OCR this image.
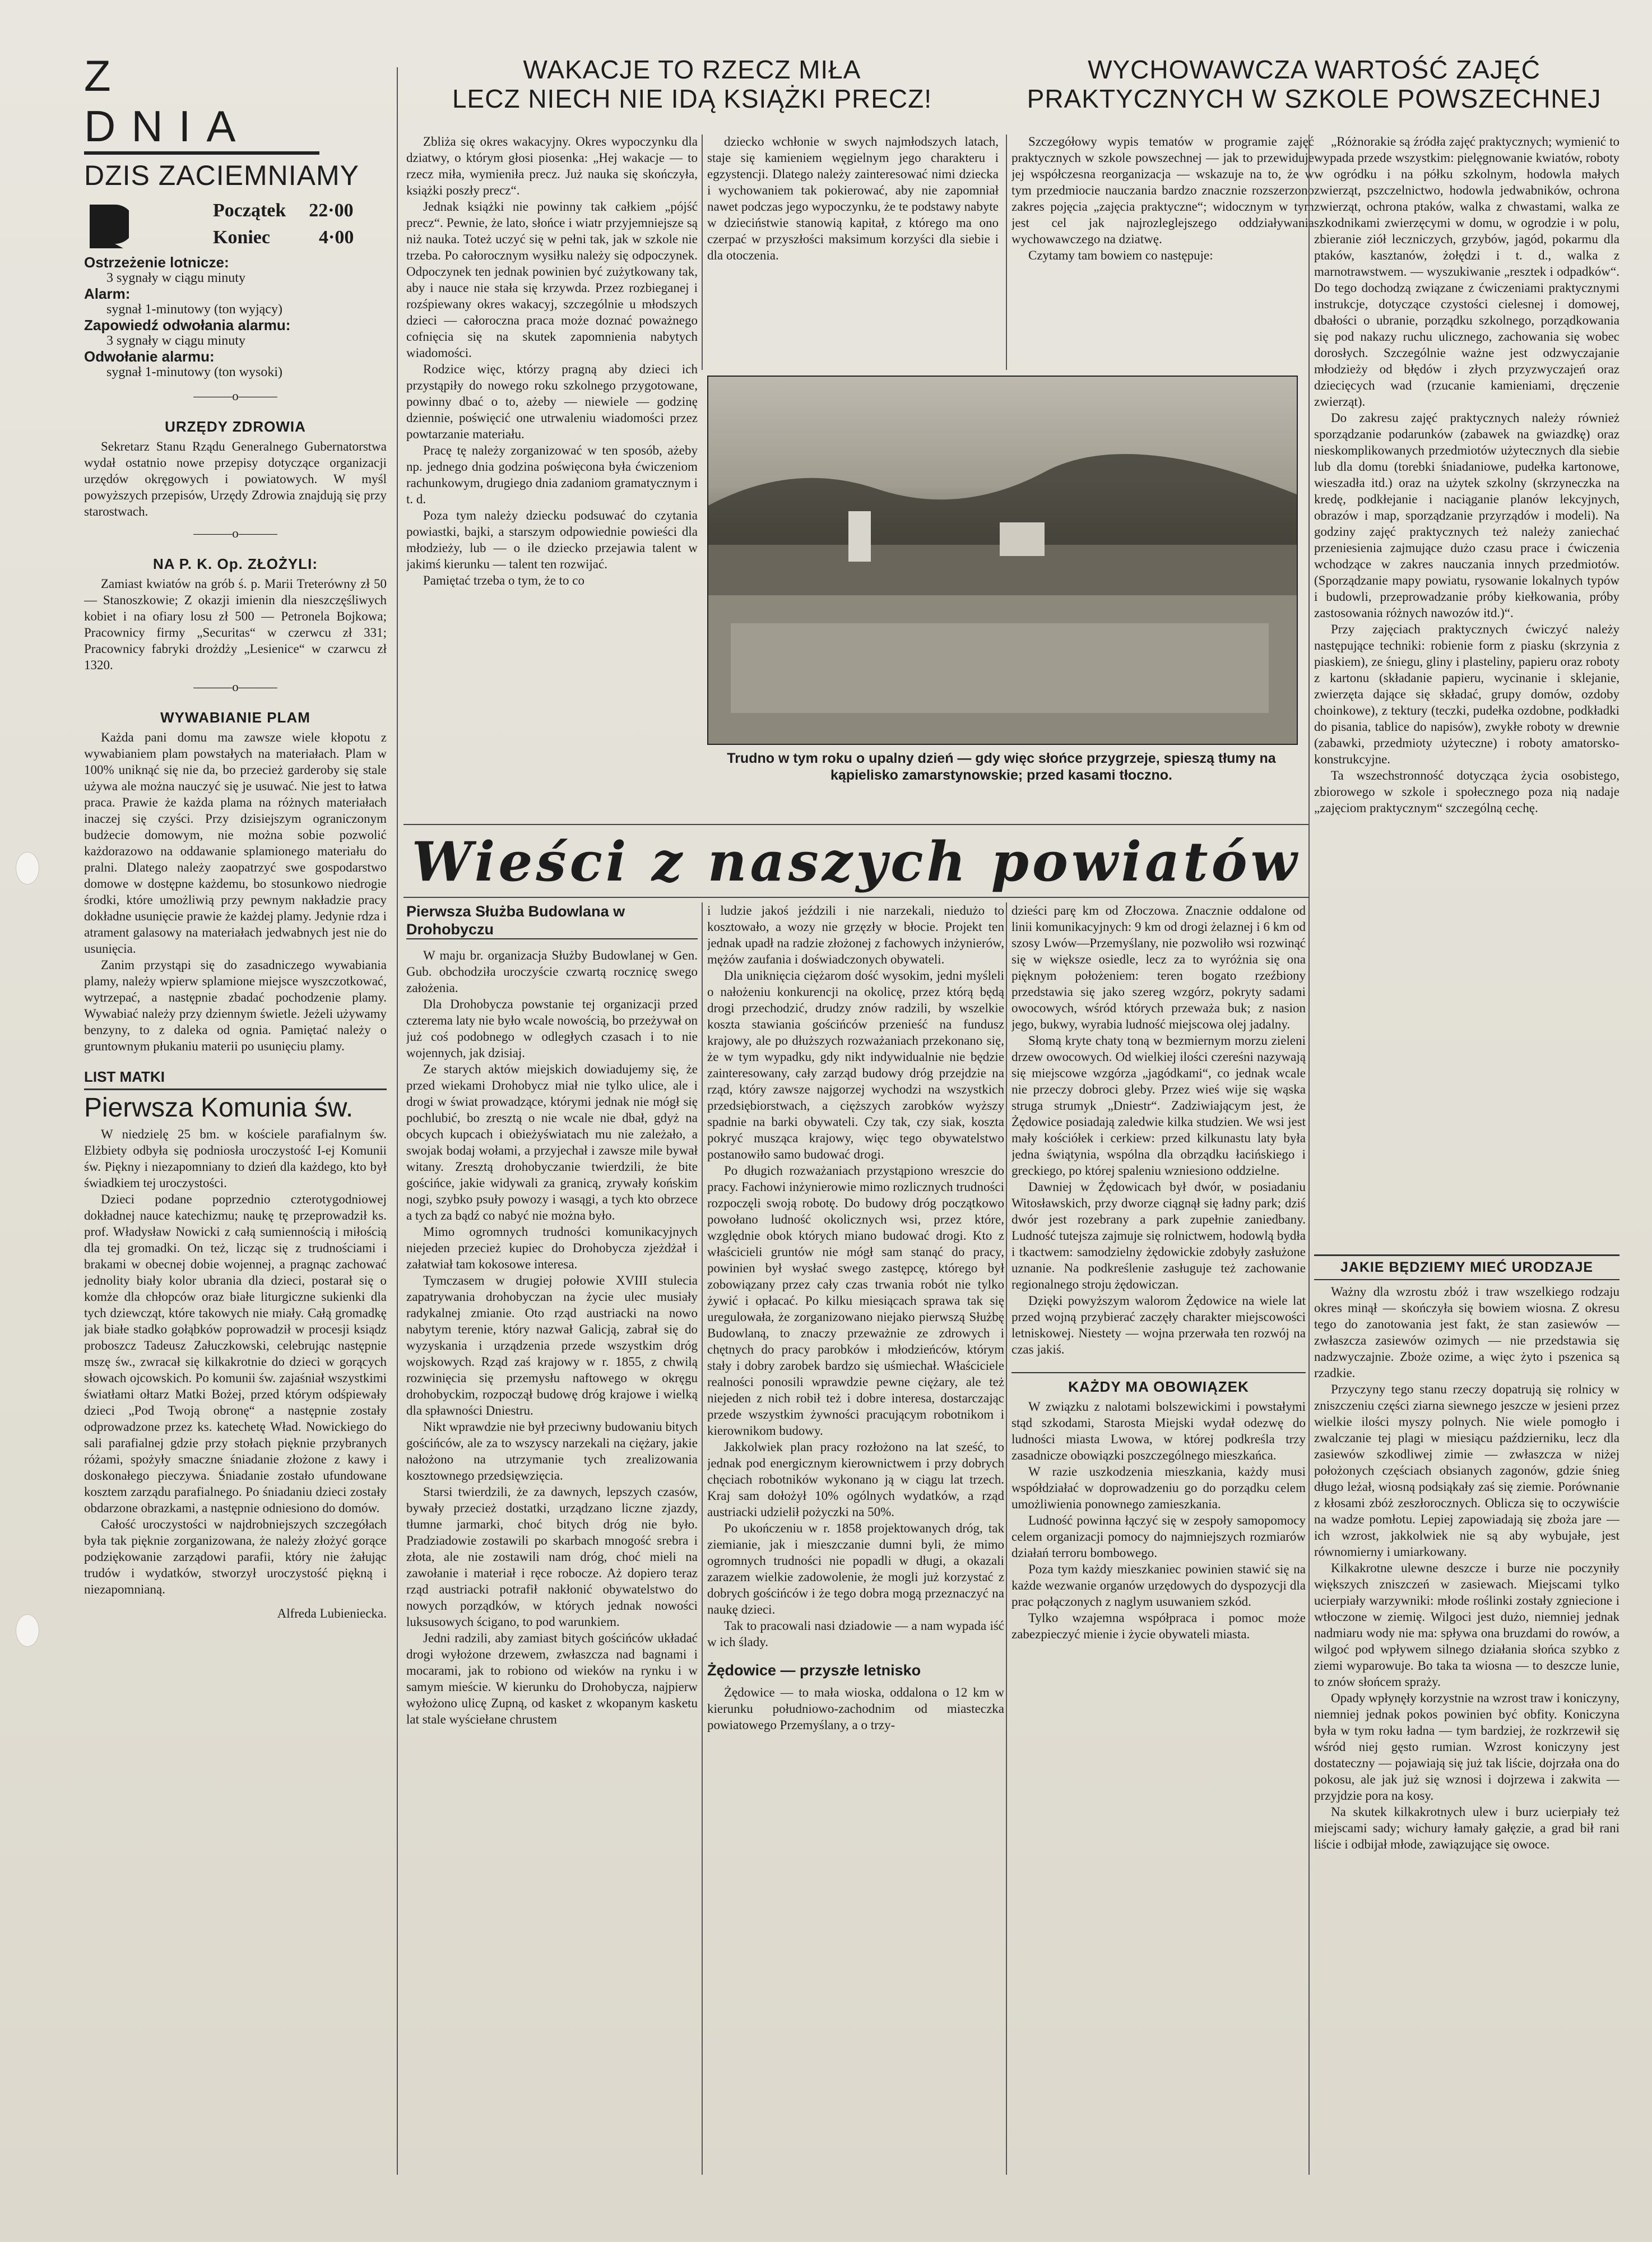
Z DNIA
DZIS ZACIEMNIAMY
Początek 22·00
Koniec	4·00
Ostrzeżenie lotnicze:
3 sygnały w ciągu minuty
Alarm:
sygnał 1-minutowy (ton wyjący)
Zapowiedź odwołania alarmu:
3 sygnały w ciągu minuty
Odwołanie alarmu:
sygnał 1-minutowy (ton wysoki)
———o———
URZĘDY ZDROWIA

Sekretarz Stanu Rządu Generalnego Gubernatorstwa wydał ostatnio nowe przepisy dotyczące organizacji urzędów okręgowych i powiatowych. W myśl powyższych przepisów, Urzędy Zdrowia znajdują się przy starostwach.

———o———
NA P. K. Op. ZŁOŻYLI:

Zamiast kwiatów na grób ś. p. Marii Treterówny zł 50 — Stanoszkowie; Z okazji imienin dla nieszczęśliwych kobiet i na ofiary losu zł 500 — Petronela Bojkowa; Pracownicy firmy „Securitas“ w czerwcu zł 331; Pracownicy fabryki drożdży „Lesienice“ w czarwcu zł 1320.

———o———
WYWABIANIE PLAM

Każda pani domu ma zawsze wiele kłopotu z wywabianiem plam powstałych na materiałach. Plam w 100% uniknąć się nie da, bo przecież garderoby się stale używa ale można nauczyć się je usuwać. Nie jest to łatwa praca. Prawie że każda plama na różnych materiałach inaczej się czyści. Przy dzisiejszym ograniczonym budżecie domowym, nie można sobie pozwolić każdorazowo na oddawanie splamionego materiału do pralni. Dlatego należy zaopatrzyć swe gospodarstwo domowe w dostępne każdemu, bo stosunkowo niedrogie środki, które umożliwią przy pewnym nakładzie pracy dokładne usunięcie prawie że każdej plamy. Jedynie rdza i atrament galasowy na materiałach jedwabnych jest nie do usunięcia.

Zanim przystąpi się do zasadniczego wywabiania plamy, należy wpierw splamione miejsce wyszczotkować, wytrzepać, a następnie zbadać pochodzenie plamy. Wywabiać należy przy dziennym świetle. Jeżeli używamy benzyny, to z daleka od ognia. Pamiętać należy o gruntownym płukaniu materii po usunięciu plamy.

LIST MATKI
Pierwsza Komunia św.

W niedzielę 25 bm. w kościele parafialnym św. Elżbiety odbyła się podniosła uroczystość I-ej Komunii św. Piękny i niezapomniany to dzień dla każdego, kto był świadkiem tej uroczystości.

Dzieci podane poprzednio czterotygodniowej dokładnej nauce katechizmu; naukę tę przeprowadził ks. prof. Władysław Nowicki z całą sumiennością i miłością dla tej gromadki. On też, licząc się z trudnościami i brakami w obecnej dobie wojennej, a pragnąc zachować jednolity biały kolor ubrania dla dzieci, postarał się o komże dla chłopców oraz białe liturgiczne sukienki dla tych dziewcząt, które takowych nie miały. Całą gromadkę jak białe stadko gołąbków poprowadził w procesji ksiądz proboszcz Tadeusz Załuczkowski, celebrując następnie mszę św., zwracał się kilkakrotnie do dzieci w gorących słowach ojcowskich. Po komunii św. zajaśniał wszystkimi światłami ołtarz Matki Bożej, przed którym odśpiewały dzieci „Pod Twoją obronę“ a następnie zostały odprowadzone przez ks. katechetę Wład. Nowickiego do sali parafialnej gdzie przy stołach pięknie przybranych różami, spożyły smaczne śniadanie złożone z kawy i doskonałego pieczywa. Śniadanie zostało ufundowane kosztem zarządu parafialnego. Po śniadaniu dzieci zostały obdarzone obrazkami, a następnie odniesiono do domów.

Całość uroczystości w najdrobniejszych szczegółach była tak pięknie zorganizowana, że należy złożyć gorące podziękowanie zarządowi parafii, który nie żałując trudów i wydatków, stworzył uroczystość piękną i niezapomnianą.

Alfreda Lubieniecka.
WAKACJE TO RZECZ MIŁA
LECZ NIECH NIE IDĄ KSIĄŻKI PRECZ!
WYCHOWAWCZA WARTOŚĆ ZAJĘĆ
PRAKTYCZNYCH W SZKOLE POWSZECHNEJ

Zbliża się okres wakacyjny. Okres wypoczynku dla dziatwy, o którym głosi piosenka: „Hej wakacje — to rzecz miła, wymieniła precz. Już nauka się skończyła, książki poszły precz“.

Jednak książki nie powinny tak całkiem „pójść precz“. Pewnie, że lato, słońce i wiatr przyjemniejsze są niż nauka. Toteż uczyć się w pełni tak, jak w szkole nie trzeba. Po całorocznym wysiłku należy się odpoczynek. Odpoczynek ten jednak powinien być zużytkowany tak, aby i nauce nie stała się krzywda. Przez rozbieganej i rozśpiewany okres wakacyj, szczególnie u młodszych dzieci — całoroczna praca może doznać poważnego cofnięcia się na skutek zapomnienia nabytych wiadomości.

Rodzice więc, którzy pragną aby dzieci ich przystąpiły do nowego roku szkolnego przygotowane, powinny dbać o to, ażeby — niewiele — godzinę dziennie, poświęcić one utrwaleniu wiadomości przez powtarzanie materiału.

Pracę tę należy zorganizować w ten sposób, ażeby np. jednego dnia godzina poświęcona była ćwiczeniom rachunkowym, drugiego dnia zadaniom gramatycznym i t. d.

Poza tym należy dziecku podsuwać do czytania powiastki, bajki, a starszym odpowiednie powieści dla młodzieży, lub — o ile dziecko przejawia talent w jakimś kierunku — talent ten rozwijać.

Pamiętać trzeba o tym, że to co

dziecko wchłonie w swych najmłodszych latach, staje się kamieniem węgielnym jego charakteru i egzystencji. Dlatego należy zainteresować nimi dziecka i wychowaniem tak pokierować, aby nie zapomniał nawet podczas jego wypoczynku, że te podstawy nabyte w dzieciństwie stanowią kapitał, z którego ma ono czerpać w przyszłości maksimum korzyści dla siebie i dla otoczenia.

Szczegółowy wypis tematów w programie zajęć praktycznych w szkole powszechnej — jak to przewiduje jej współczesna reorganizacja — wskazuje na to, że w tym przedmiocie nauczania bardzo znacznie rozszerzono zakres pojęcia „zajęcia praktyczne“; widocznym w tym jest cel jak najrozleglejszego oddziaływania wychowawczego na dziatwę.

Czytamy tam bowiem co następuje:

Trudno w tym roku o upalny dzień — gdy więc słońce przygrzeje, spieszą tłumy na kąpielisko zamarstynowskie; przed kasami tłoczno.

„Różnorakie są źródła zajęć praktycznych; wymienić to wypada przede wszystkim: pielęgnowanie kwiatów, roboty w ogródku i na półku szkolnym, hodowla małych zwierząt, pszczelnictwo, hodowla jedwabników, ochrona zwierząt, ochrona ptaków, walka z chwastami, walka ze szkodnikami zwierzęcymi w domu, w ogrodzie i w polu, zbieranie ziół leczniczych, grzybów, jagód, pokarmu dla ptaków, kasztanów, żołędzi i t. d., walka z marnotrawstwem. — wyszukiwanie „resztek i odpadków“. Do tego dochodzą związane z ćwiczeniami praktycznymi instrukcje, dotyczące czystości cielesnej i domowej, dbałości o ubranie, porządku szkolnego, porządkowania się pod nakazy ruchu ulicznego, zachowania się wobec dorosłych. Szczególnie ważne jest odzwyczajanie młodzieży od błędów i złych przyzwyczajeń oraz dziecięcych wad (rzucanie kamieniami, dręczenie zwierząt).

Do zakresu zajęć praktycznych należy również sporządzanie podarunków (zabawek na gwiazdkę) oraz nieskomplikowanych przedmiotów użytecznych dla siebie lub dla domu (torebki śniadaniowe, pudełka kartonowe, wieszadła itd.) oraz na użytek szkolny (skrzyneczka na kredę, podkłejanie i naciąganie planów lekcyjnych, obrazów i map, sporządzanie przyrządów i modeli). Na godziny zajęć praktycznych też należy zaniechać przeniesienia zajmujące dużo czasu prace i ćwiczenia wchodzące w zakres nauczania innych przedmiotów. (Sporządzanie mapy powiatu, rysowanie lokalnych typów i budowli, przeprowadzanie próby kiełkowania, próby zastosowania różnych nawozów itd.)“.

Przy zajęciach praktycznych ćwiczyć należy następujące techniki: robienie form z piasku (skrzynia z piaskiem), ze śniegu, gliny i plasteliny, papieru oraz roboty z kartonu (składanie papieru, wycinanie i sklejanie, zwierzęta dające się składać, grupy domów, ozdoby choinkowe), z tektury (teczki, pudełka ozdobne, podkładki do pisania, tablice do napisów), zwykłe roboty w drewnie (zabawki, przedmioty użyteczne) i roboty amatorsko-konstrukcyjne.

Ta wszechstronność dotycząca życia osobistego, zbiorowego w szkole i społecznego poza nią nadaje „zajęciom praktycznym“ szczególną cechę.

Wieści z naszych powiatów
Pierwsza Służba Budowlana w Drohobyczu

W maju br. organizacja Służby Budowlanej w Gen. Gub. obchodziła uroczyście czwartą rocznicę swego założenia.

Dla Drohobycza powstanie tej organizacji przed czterema laty nie było wcale nowością, bo przeżywał on już coś podobnego w odległych czasach i to nie wojennych, jak dzisiaj.

Ze starych aktów miejskich dowiadujemy się, że przed wiekami Drohobycz miał nie tylko ulice, ale i drogi w świat prowadzące, którymi jednak nie mógł się pochlubić, bo zresztą o nie wcale nie dbał, gdyż na obcych kupcach i obieżyświatach mu nie zależało, a swojak bodaj wołami, a przyjechał i zawsze mile bywał witany. Zresztą drohobyczanie twierdzili, że bite gościńce, jakie widywali za granicą, zrywały końskim nogi, szybko psuły powozy i wasągi, a tych kto obrzece a tych za bądź co nabyć nie można było.

Mimo ogromnych trudności komunikacyjnych niejeden przecież kupiec do Drohobycza zjeżdżał i załatwiał tam kokosowe interesa.

Tymczasem w drugiej połowie XVIII stulecia zapatrywania drohobyczan na życie ulec musiały radykalnej zmianie. Oto rząd austriacki na nowo nabytym terenie, który nazwał Galicją, zabrał się do wyzyskania i urządzenia przede wszystkim dróg wojskowych. Rząd zaś krajowy w r. 1855, z chwilą rozwinięcia się przemysłu naftowego w okręgu drohobyckim, rozpoczął budowę dróg krajowe i wielką dla spławności Dniestru.

Nikt wprawdzie nie był przeciwny budowaniu bitych gościńców, ale za to wszyscy narzekali na ciężary, jakie nałożono na utrzymanie tych zrealizowania kosztownego przedsięwzięcia.

Starsi twierdzili, że za dawnych, lepszych czasów, bywały przecież dostatki, urządzano liczne zjazdy, tłumne jarmarki, choć bitych dróg nie było. Pradziadowie zostawili po skarbach mnogość srebra i złota, ale nie zostawili nam dróg, choć mieli na zawołanie i materiał i ręce robocze. Aż dopiero teraz rząd austriacki potrafił nakłonić obywatelstwo do nowych porządków, w których jednak nowości luksusowych ścigano, to pod warunkiem.

Jedni radzili, aby zamiast bitych gościńców układać drogi wyłożone drzewem, zwłaszcza nad bagnami i mocarami, jak to robiono od wieków na rynku i w samym mieście. W kierunku do Drohobycza, najpierw wyłożono ulicę Zupną, od kasket z wkopanym kasketu lat stale wyściełane chrustem

i ludzie jakoś jeździli i nie narzekali, niedużo to kosztowało, a wozy nie grzęzły w błocie. Projekt ten jednak upadł na radzie złożonej z fachowych inżynierów, mężów zaufania i doświadczonych obywateli.

Dla uniknięcia ciężarom dość wysokim, jedni myśleli o nałożeniu konkurencji na okolicę, przez którą będą drogi przechodzić, drudzy znów radzili, by wszelkie koszta stawiania gościńców przenieść na fundusz krajowy, ale po dłuższych rozważaniach przekonano się, że w tym wypadku, gdy nikt indywidualnie nie będzie zainteresowany, cały zarząd budowy dróg przejdzie na rząd, który zawsze najgorzej wychodzi na wszystkich przedsiębiorstwach, a cięższych zarobków wyższy spadnie na barki obywateli. Czy tak, czy siak, koszta pokryć musząca krajowy, więc tego obywatelstwo postanowiło samo budować drogi.

Po długich rozważaniach przystąpiono wreszcie do pracy. Fachowi inżynierowie mimo rozlicznych trudności rozpoczęli swoją robotę. Do budowy dróg początkowo powołano ludność okolicznych wsi, przez które, względnie obok których miano budować drogi. Kto z właścicieli gruntów nie mógł sam stanąć do pracy, powinien był wysłać swego zastępcę, którego był zobowiązany przez cały czas trwania robót nie tylko żywić i opłacać. Po kilku miesiącach sprawa tak się uregulowała, że zorganizowano niejako pierwszą Służbę Budowlaną, to znaczy przeważnie ze zdrowych i chętnych do pracy parobków i młodzieńców, którym stały i dobry zarobek bardzo się uśmiechał. Właściciele realności ponosili wprawdzie pewne ciężary, ale też niejeden z nich robił też i dobre interesa, dostarczając przede wszystkim żywności pracującym robotnikom i kierownikom budowy.

Jakkolwiek plan pracy rozłożono na lat sześć, to jednak pod energicznym kierownictwem i przy dobrych chęciach robotników wykonano ją w ciągu lat trzech. Kraj sam dołożył 10% ogólnych wydatków, a rząd austriacki udzielił pożyczki na 50%.

Po ukończeniu w r. 1858 projektowanych dróg, tak ziemianie, jak i mieszczanie dumni byli, że mimo ogromnych trudności nie popadli w długi, a okazali zarazem wielkie zadowolenie, że mogli już korzystać z dobrych gościńców i że tego dobra mogą przeznaczyć na naukę dzieci.

Tak to pracowali nasi dziadowie — a nam wypada iść w ich ślady.

Żędowice — przyszłe letnisko

Żędowice — to mała wioska, oddalona o 12 km w kierunku południowo-zachodnim od miasteczka powiatowego Przemyślany, a o trzy-

dzieści parę km od Złoczowa. Znacznie oddalone od linii komunikacyjnych: 9 km od drogi żelaznej i 6 km od szosy Lwów—Przemyślany, nie pozwoliło wsi rozwinąć się w większe osiedle, lecz za to wyróżnia się ona pięknym położeniem: teren bogato rzeźbiony przedstawia się jako szereg wzgórz, pokryty sadami owocowych, wśród których przeważa buk; z nasion jego, bukwy, wyrabia ludność miejscowa olej jadalny.

Słomą kryte chaty toną w bezmiernym morzu zieleni drzew owocowych. Od wielkiej ilości czereśni nazywają się miejscowe wzgórza „jagódkami“, co jednak wcale nie przeczy dobroci gleby. Przez wieś wije się wąska struga strumyk „Dniestr“. Zadziwiającym jest, że Żędowice posiadają zaledwie kilka studzien. We wsi jest mały kościółek i cerkiew: przed kilkunastu laty była jedna świątynia, wspólna dla obrządku łacińskiego i greckiego, po której spaleniu wzniesiono oddzielne.

Dawniej w Żędowicach był dwór, w posiadaniu Witosławskich, przy dworze ciągnął się ładny park; dziś dwór jest rozebrany a park zupełnie zaniedbany. Ludność tutejsza zajmuje się rolnictwem, hodowlą bydła i tkactwem: samodzielny żędowickie zdobyły zasłużone uznanie. Na podkreślenie zasługuje też zachowanie regionalnego stroju żędowiczan.

Dzięki powyższym walorom Żędowice na wiele lat przed wojną przybierać zaczęły charakter miejscowości letniskowej. Niestety — wojna przerwała ten rozwój na czas jakiś.

KAŻDY MA OBOWIĄZEK

W związku z nalotami bolszewickimi i powstałymi stąd szkodami, Starosta Miejski wydał odezwę do ludności miasta Lwowa, w której podkreśla trzy zasadnicze obowiązki poszczególnego mieszkańca.

W razie uszkodzenia mieszkania, każdy musi współdziałać w doprowadzeniu go do porządku celem umożliwienia ponownego zamieszkania.

Ludność powinna łączyć się w zespoły samopomocy celem organizacji pomocy do najmniejszych rozmiarów działań terroru bombowego.

Poza tym każdy mieszkaniec powinien stawić się na każde wezwanie organów urzędowych do dyspozycji dla prac połączonych z naglym usuwaniem szkód.

Tylko wzajemna współpraca i pomoc może zabezpieczyć mienie i życie obywateli miasta.

JAKIE BĘDZIEMY MIEĆ URODZAJE

Ważny dla wzrostu zbóż i traw wszelkiego rodzaju okres minął — skończyła się bowiem wiosna. Z okresu tego do zanotowania jest fakt, że stan zasiewów — zwłaszcza zasiewów ozimych — nie przedstawia się nadzwyczajnie. Zboże ozime, a więc żyto i pszenica są rzadkie.

Przyczyny tego stanu rzeczy dopatrują się rolnicy w zniszczeniu części ziarna siewnego jeszcze w jesieni przez wielkie ilości myszy polnych. Nie wiele pomogło i zwalczanie tej plagi w miesiącu październiku, lecz dla zasiewów szkodliwej zimie — zwłaszcza w niżej położonych częściach obsianych zagonów, gdzie śnieg długo leżał, wiosną podsiąkały zaś się ziemie. Porównanie z kłosami zbóż zeszłorocznych. Oblicza się to oczywiście na wadze pomłotu. Lepiej zapowiadają się zboża jare — ich wzrost, jakkolwiek nie są aby wybujałe, jest równomierny i umiarkowany.

Kilkakrotne ulewne deszcze i burze nie poczyniły większych zniszczeń w zasiewach. Miejscami tylko ucierpiały warzywniki: młode roślinki zostały zgniecione i wtłoczone w ziemię. Wilgoci jest dużo, niemniej jednak nadmiaru wody nie ma: spływa ona bruzdami do rowów, a wilgoć pod wpływem silnego działania słońca szybko z ziemi wyparowuje. Bo taka ta wiosna — to deszcze lunie, to znów słońcem spraży.

Opady wpłynęły korzystnie na wzrost traw i koniczyny, niemniej jednak pokos powinien być obfity. Koniczyna była w tym roku ładna — tym bardziej, że rozkrzewił się wśród niej gęsto rumian. Wzrost koniczyny jest dostateczny — pojawiają się już tak liście, dojrzała ona do pokosu, ale jak już się wznosi i dojrzewa i zakwita — przyjdzie pora na kosy.

Na skutek kilkakrotnych ulew i burz ucierpiały też miejscami sady; wichury łamały gałęzie, a grad bił rani liście i odbijał młode, zawiązujące się owoce.
